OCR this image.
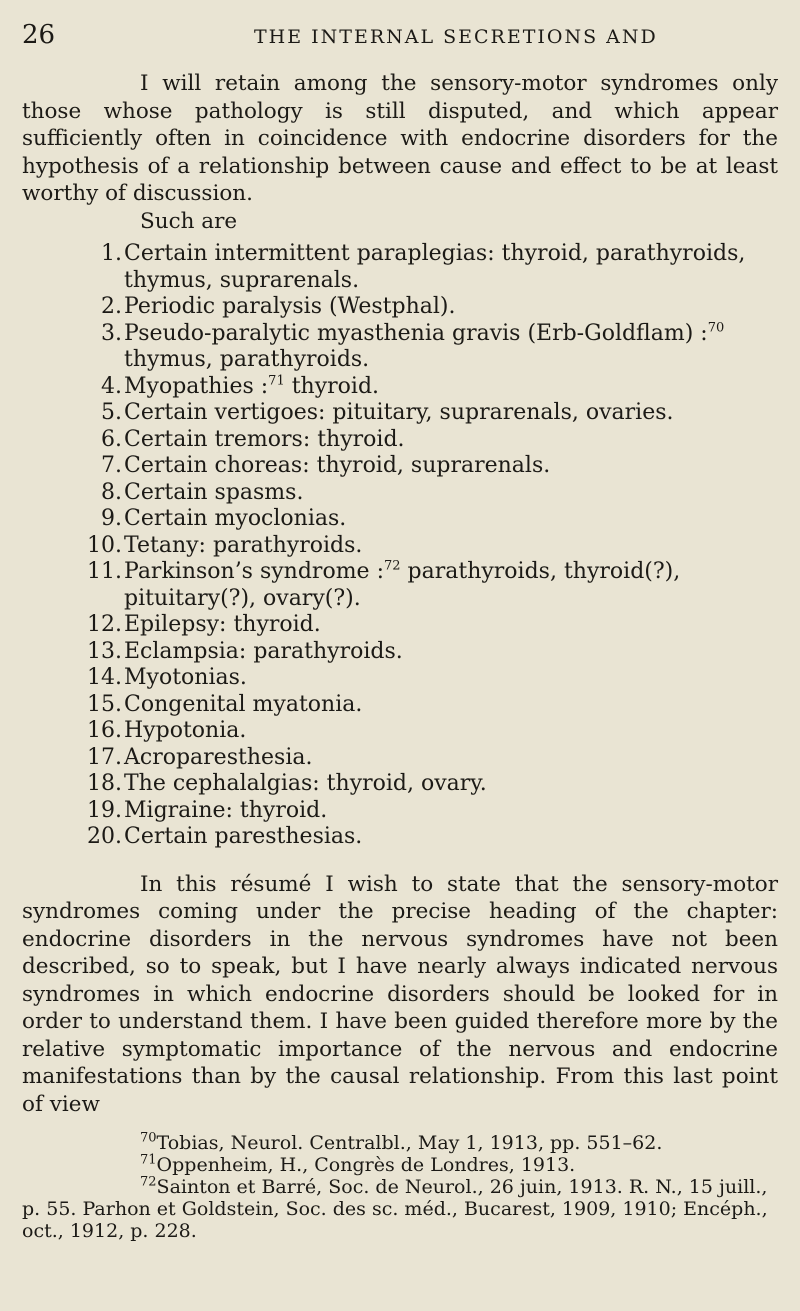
26	THE INTERNAL SECRETIONS AND

I will retain among the sensory-motor syndromes only those whose pathology is still disputed, and which appear sufficiently often in coincidence with endocrine disorders for the hypothesis of a relationship between cause and effect to be at least worthy of discussion.

Such are

1. Certain intermittent paraplegias: thyroid, parathyroids, thymus, suprarenals.
2. Periodic paralysis (Westphal).
3. Pseudo-paralytic myasthenia gravis (Erb-Goldflam) :$^{70}$ thymus, parathyroids.
4. Myopathies :$^{71}$ thyroid.
5. Certain vertigoes: pituitary, suprarenals, ovaries.
6. Certain tremors: thyroid.
7. Certain choreas: thyroid, suprarenals.
8. Certain spasms.
9. Certain myoclonias.
10. Tetany: parathyroids.
11. Parkinson’s syndrome :$^{72}$ parathyroids, thyroid(?), pituitary(?), ovary(?).
12. Epilepsy: thyroid.
13. Eclampsia: parathyroids.
14. Myotonias.
15. Congenital myatonia.
16. Hypotonia.
17. Acroparesthesia.
18. The cephalalgias: thyroid, ovary.
19. Migraine: thyroid.
20. Certain paresthesias.

In this résumé I wish to state that the sensory-motor syndromes coming under the precise heading of the chapter: endocrine disorders in the nervous syndromes have not been described, so to speak, but I have nearly always indicated nervous syndromes in which endocrine disorders should be looked for in order to understand them. I have been guided therefore more by the relative symptomatic importance of the nervous and endocrine manifestations than by the causal relationship. From this last point of view

$^{70}$Tobias, Neurol. Centralbl., May 1, 1913, pp. 551–62.

$^{71}$Oppenheim, H., Congrès de Londres, 1913.

$^{72}$Sainton et Barré, Soc. de Neurol., 26 juin, 1913. R. N., 15 juill., p. 55. Parhon et Goldstein, Soc. des sc. méd., Bucarest, 1909, 1910; Encéph., oct., 1912, p. 228.
